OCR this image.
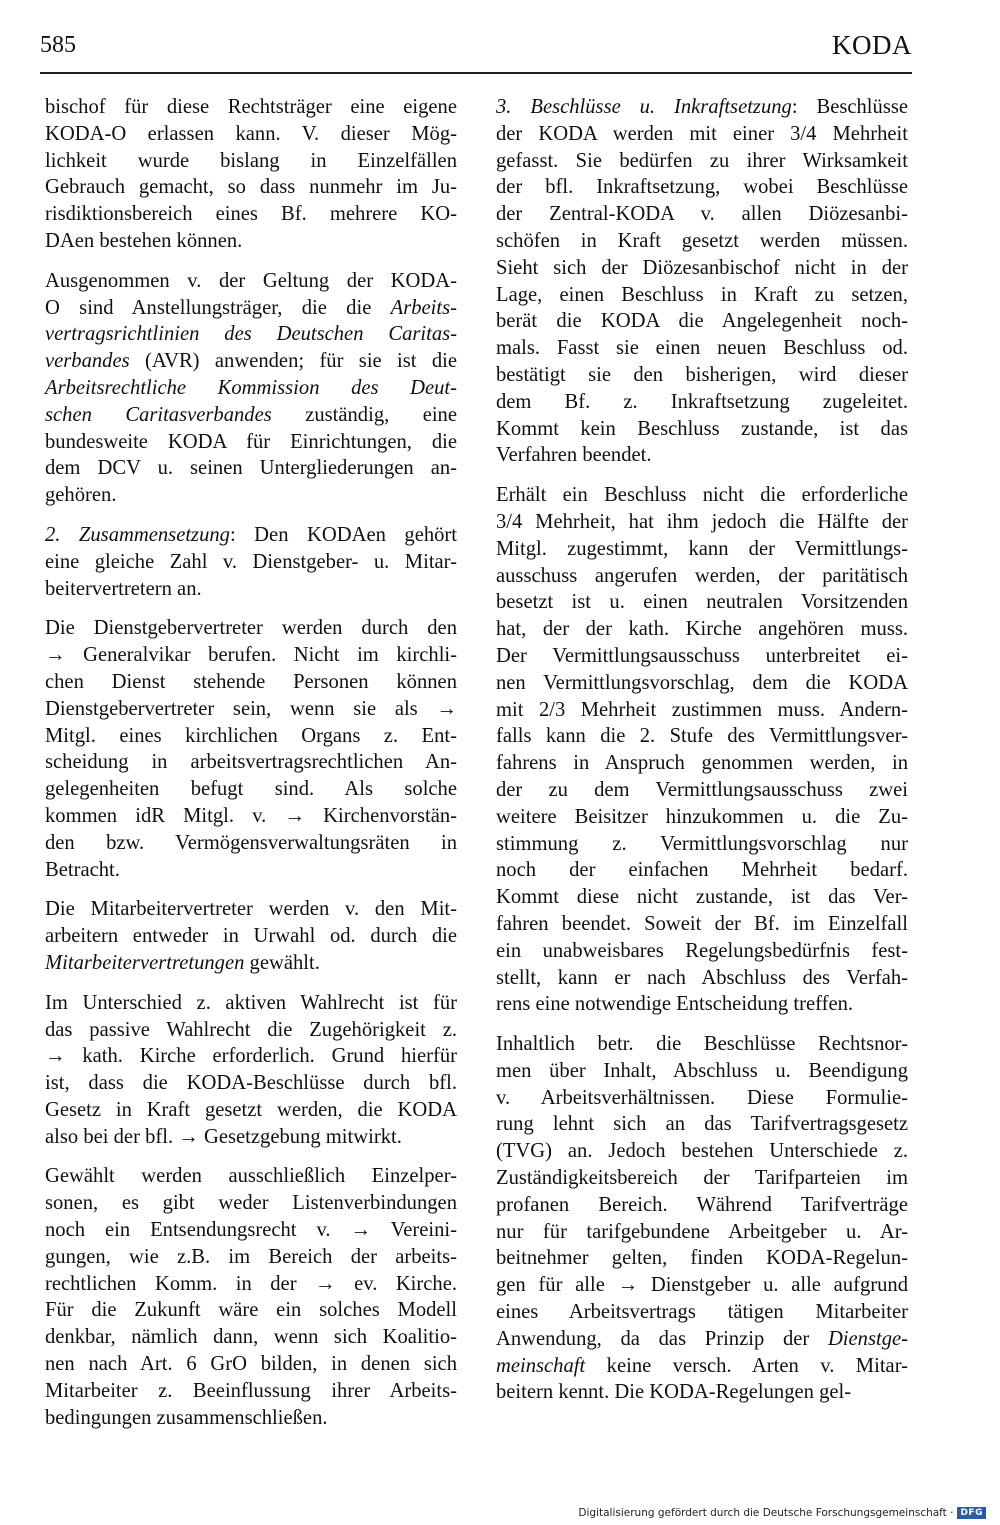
585	KODA

bischof für diese Rechtsträger eine eigene
KODA-O erlassen kann. V. dieser Mög-
lichkeit wurde bislang in Einzelfällen
Gebrauch gemacht, so dass nunmehr im Ju-
risdiktionsbereich eines Bf. mehrere KO-
DAen bestehen können.

Ausgenommen v. der Geltung der KODA-
O sind Anstellungsträger, die die Arbeits-
vertragsrichtlinien des Deutschen Caritas-
verbandes (AVR) anwenden; für sie ist die
Arbeitsrechtliche Kommission des Deut-
schen Caritasverbandes zuständig, eine
bundesweite KODA für Einrichtungen, die
dem DCV u. seinen Untergliederungen an-
gehören.

2. Zusammensetzung: Den KODAen gehört
eine gleiche Zahl v. Dienstgeber- u. Mitar-
beitervertretern an.

Die Dienstgebervertreter werden durch den
→ Generalvikar berufen. Nicht im kirchli-
chen Dienst stehende Personen können
Dienstgebervertreter sein, wenn sie als →
Mitgl. eines kirchlichen Organs z. Ent-
scheidung in arbeitsvertragsrechtlichen An-
gelegenheiten befugt sind. Als solche
kommen idR Mitgl. v. → Kirchenvorstän-
den bzw. Vermögensverwaltungsräten in
Betracht.

Die Mitarbeitervertreter werden v. den Mit-
arbeitern entweder in Urwahl od. durch die
Mitarbeitervertretungen gewählt.

Im Unterschied z. aktiven Wahlrecht ist für
das passive Wahlrecht die Zugehörigkeit z.
→ kath. Kirche erforderlich. Grund hierfür
ist, dass die KODA-Beschlüsse durch bfl.
Gesetz in Kraft gesetzt werden, die KODA
also bei der bfl. → Gesetzgebung mitwirkt.

Gewählt werden ausschließlich Einzelper-
sonen, es gibt weder Listenverbindungen
noch ein Entsendungsrecht v. → Vereini-
gungen, wie z.B. im Bereich der arbeits-
rechtlichen Komm. in der → ev. Kirche.
Für die Zukunft wäre ein solches Modell
denkbar, nämlich dann, wenn sich Koalitio-
nen nach Art. 6 GrO bilden, in denen sich
Mitarbeiter z. Beeinflussung ihrer Arbeits-
bedingungen zusammenschließen.

3. Beschlüsse u. Inkraftsetzung: Beschlüsse
der KODA werden mit einer 3/4 Mehrheit
gefasst. Sie bedürfen zu ihrer Wirksamkeit
der bfl. Inkraftsetzung, wobei Beschlüsse
der Zentral-KODA v. allen Diözesanbi-
schöfen in Kraft gesetzt werden müssen.
Sieht sich der Diözesanbischof nicht in der
Lage, einen Beschluss in Kraft zu setzen,
berät die KODA die Angelegenheit noch-
mals. Fasst sie einen neuen Beschluss od.
bestätigt sie den bisherigen, wird dieser
dem Bf. z. Inkraftsetzung zugeleitet.
Kommt kein Beschluss zustande, ist das
Verfahren beendet.

Erhält ein Beschluss nicht die erforderliche
3/4 Mehrheit, hat ihm jedoch die Hälfte der
Mitgl. zugestimmt, kann der Vermittlungs-
ausschuss angerufen werden, der paritätisch
besetzt ist u. einen neutralen Vorsitzenden
hat, der der kath. Kirche angehören muss.
Der Vermittlungsausschuss unterbreitet ei-
nen Vermittlungsvorschlag, dem die KODA
mit 2/3 Mehrheit zustimmen muss. Andern-
falls kann die 2. Stufe des Vermittlungsver-
fahrens in Anspruch genommen werden, in
der zu dem Vermittlungsausschuss zwei
weitere Beisitzer hinzukommen u. die Zu-
stimmung z. Vermittlungsvorschlag nur
noch der einfachen Mehrheit bedarf.
Kommt diese nicht zustande, ist das Ver-
fahren beendet. Soweit der Bf. im Einzelfall
ein unabweisbares Regelungsbedürfnis fest-
stellt, kann er nach Abschluss des Verfah-
rens eine notwendige Entscheidung treffen.

Inhaltlich betr. die Beschlüsse Rechtsnor-
men über Inhalt, Abschluss u. Beendigung
v. Arbeitsverhältnissen. Diese Formulie-
rung lehnt sich an das Tarifvertragsgesetz
(TVG) an. Jedoch bestehen Unterschiede z.
Zuständigkeitsbereich der Tarifparteien im
profanen Bereich. Während Tarifverträge
nur für tarifgebundene Arbeitgeber u. Ar-
beitnehmer gelten, finden KODA-Regelun-
gen für alle → Dienstgeber u. alle aufgrund
eines Arbeitsvertrags tätigen Mitarbeiter
Anwendung, da das Prinzip der Dienstge-
meinschaft keine versch. Arten v. Mitar-
beitern kennt. Die KODA-Regelungen gel-

Digitalisierung gefördert durch die Deutsche Forschungsgemeinschaft · DFG
